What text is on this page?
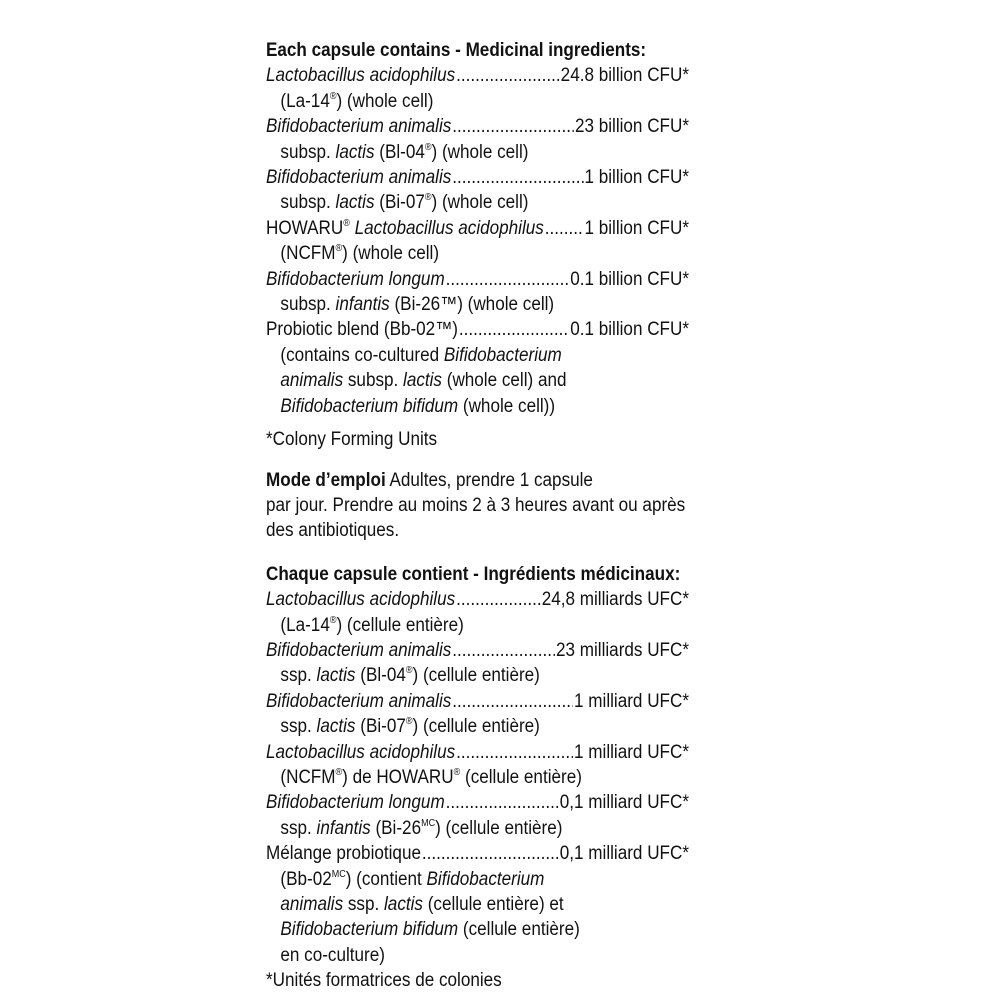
Each capsule contains - Medicinal ingredients:
Lactobacillus acidophilus .....	24.8 billion CFU*
(La-14®) (whole cell)
Bifidobacterium animalis .....	23 billion CFU*
subsp. lactis (Bl-04®) (whole cell)
Bifidobacterium animalis .....	1 billion CFU*
subsp. lactis (Bi-07®) (whole cell)
HOWARU® Lactobacillus acidophilus ..... 1 billion CFU*
(NCFM®) (whole cell)
Bifidobacterium longum .....	0.1 billion CFU*
subsp. infantis (Bi-26™) (whole cell)
Probiotic blend (Bb-02™) .....	0.1 billion CFU*
(contains co-cultured Bifidobacterium
animalis subsp. lactis (whole cell) and
Bifidobacterium bifidum (whole cell))
*Colony Forming Units
Mode d’emploi Adultes, prendre 1 capsule
par jour. Prendre au moins 2 à 3 heures avant ou après
des antibiotiques.
Chaque capsule contient - Ingrédients médicinaux:
Lactobacillus acidophilus .....	24,8 milliards UFC*
(La-14®) (cellule entière)
Bifidobacterium animalis .....	23 milliards UFC*
ssp. lactis (Bl-04®) (cellule entière)
Bifidobacterium animalis .....	1 milliard UFC*
ssp. lactis (Bi-07®) (cellule entière)
Lactobacillus acidophilus .....	1 milliard UFC*
(NCFM®) de HOWARU® (cellule entière)
Bifidobacterium longum .....	0,1 milliard UFC*
ssp. infantis $(Bi-26^{MC})$ (cellule entière)
Mélange probiotique .....	0,1 milliard UFC*
$(Bb-02^{MC})$ (contient Bifidobacterium
animalis ssp. lactis (cellule entière) et
Bifidobacterium bifidum (cellule entière)
en co-culture)
*Unités formatrices de colonies
